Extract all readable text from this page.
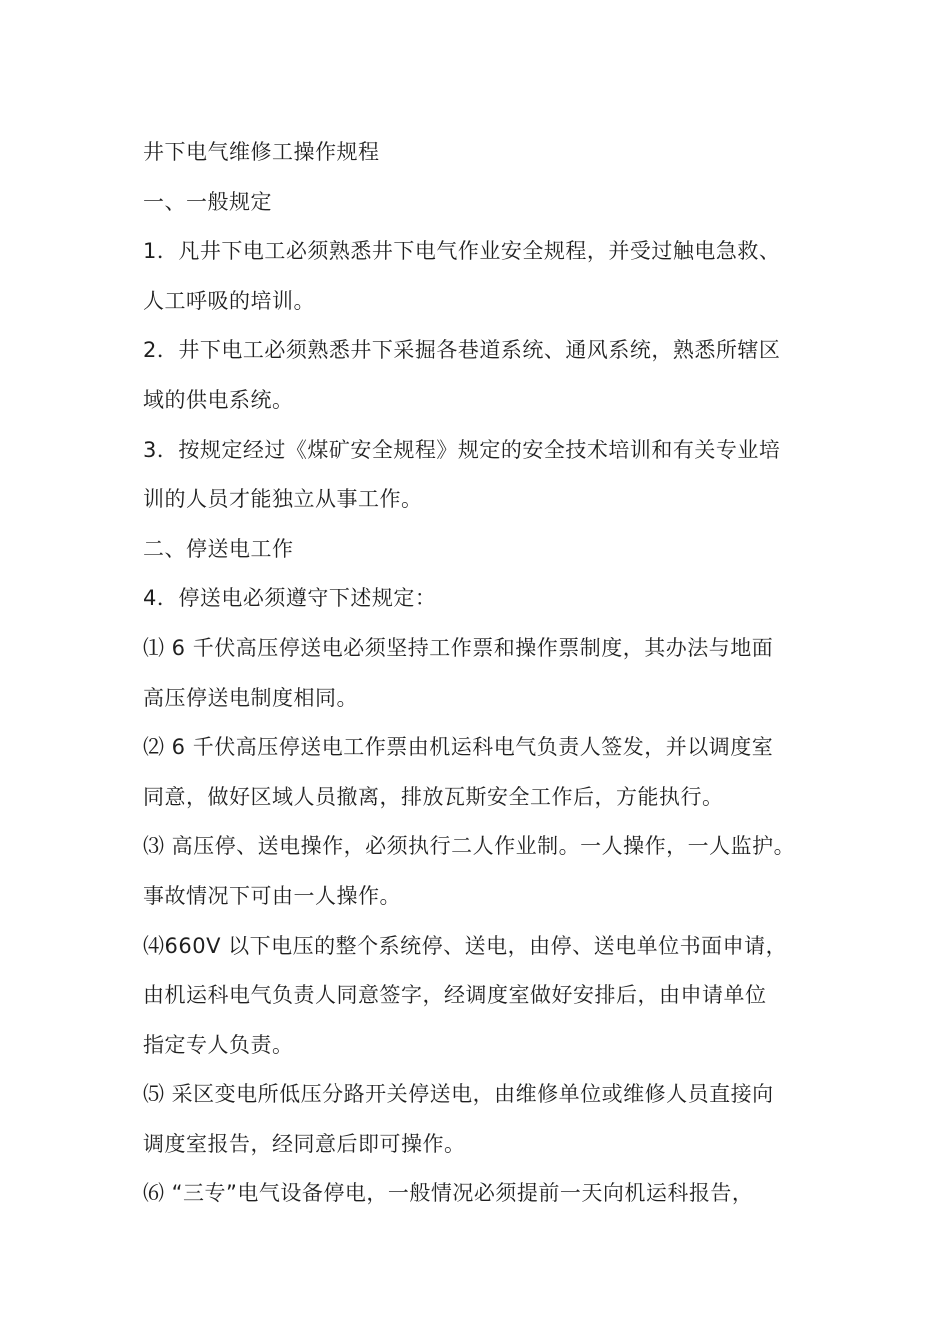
井下电气维修工操作规程
一、一般规定
1．凡井下电工必须熟悉井下电气作业安全规程，并受过触电急救、
人工呼吸的培训。
2．井下电工必须熟悉井下采掘各巷道系统、通风系统，熟悉所辖区
域的供电系统。
3．按规定经过《煤矿安全规程》规定的安全技术培训和有关专业培
训的人员才能独立从事工作。
二、停送电工作
4．停送电必须遵守下述规定：
⑴ 6 千伏高压停送电必须坚持工作票和操作票制度，其办法与地面
高压停送电制度相同。
⑵ 6 千伏高压停送电工作票由机运科电气负责人签发，并以调度室
同意，做好区域人员撤离，排放瓦斯安全工作后，方能执行。
⑶ 高压停、送电操作，必须执行二人作业制。一人操作，一人监护。
事故情况下可由一人操作。
⑷660V 以下电压的整个系统停、送电，由停、送电单位书面申请，
由机运科电气负责人同意签字，经调度室做好安排后，由申请单位
指定专人负责。
⑸ 采区变电所低压分路开关停送电，由维修单位或维修人员直接向
调度室报告，经同意后即可操作。
⑹ “三专”电气设备停电，一般情况必须提前一天向机运科报告，
